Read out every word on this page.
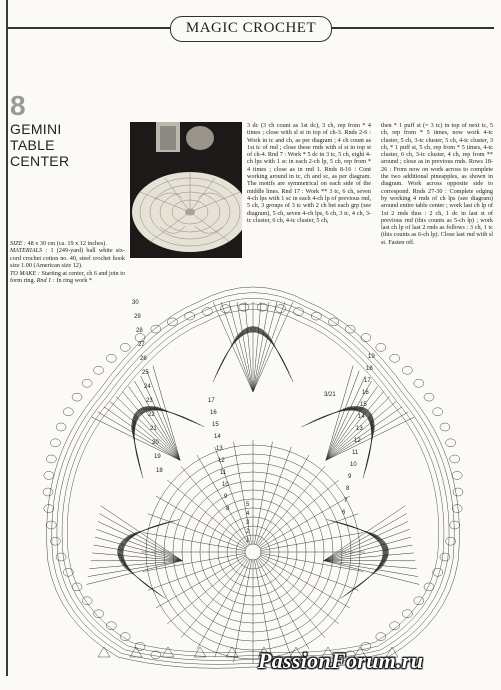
MAGIC CROCHET
8
GEMINI
TABLE
CENTER
SIZE : 48 x 30 cm (ca. 19 x 12 inches).
MATERIALS : 1 (249-yard) ball white six-cord crochet cotton no. 40, steel crochet hook size 1.00 (American size 12).
TO MAKE : Starting at center, ch 6 and join to form ring. Rnd 1 : In ring work *
3 dc (3 ch count as 1st dc), 3 ch, rep from * 4 times ; close with sl st in top of ch-3. Rnds 2-6 : Work in tc and ch, as per diagram ; 4 ch count as 1st tc of rnd ; close these rnds with sl st in top st of ch-4. Rnd 7 : Work * 5 dc in 3 tc, 5 ch, eight 4-ch lps with 1 sc in each 2-ch lp, 5 ch, rep from * 4 times ; close as in rnd 1. Rnds 8-16 : Cont working around in tc, ch and sc, as per diagram. The motifs are symmetrical on each side of the middle lines. Rnd 17 : Work ** 3 tc, 6 ch, seven 4-ch lps with 1 sc in each 4-ch lp of previous rnd, 5 ch, 3 groups of 3 tc with 2 ch bet each grp (see diagram), 5 ch, seven 4-ch lps, 6 ch, 3 tc, 4 ch, 3-tc cluster, 6 ch, 4-tc cluster, 5 ch,
then * 1 puff st (= 3 tc) in top of next tc, 5 ch, rep from * 5 times, now work 4-tc cluster, 5 ch, 3-tc cluster, 5 ch, 4-tc cluster, 3 ch, * 1 puff st, 5 ch, rep from * 5 times, 4-tc cluster, 6 ch, 3-tc cluster, 4 ch, rep from ** around ; close as in previous rnds. Rows 18-26 : From now on work across to complete the two additional pineapples, as shown in diagram. Work across opposite side to correspond. Rnds 27-30 : Complete edging by working 4 rnds of ch lps (see diagram) around entire table center ; work last ch lp of 1st 2 rnds thus : 2 ch, 1 dc in last st of previous rnd (this counts as 5-ch lp) ; work last ch lp of last 2 rnds as follows : 3 ch, 1 tc (this counts as 6-ch lp). Close last rnd with sl st. Fasten off.
30
29
28
27
26
25
24
23
22
21
20
19
18
19
18
17
16
15
14
13
12
11
10
9
8
7
6
17
16
15
14
13
12
11
10
9
8
5
4
3
2
1
3/21
PassionForum.ru
